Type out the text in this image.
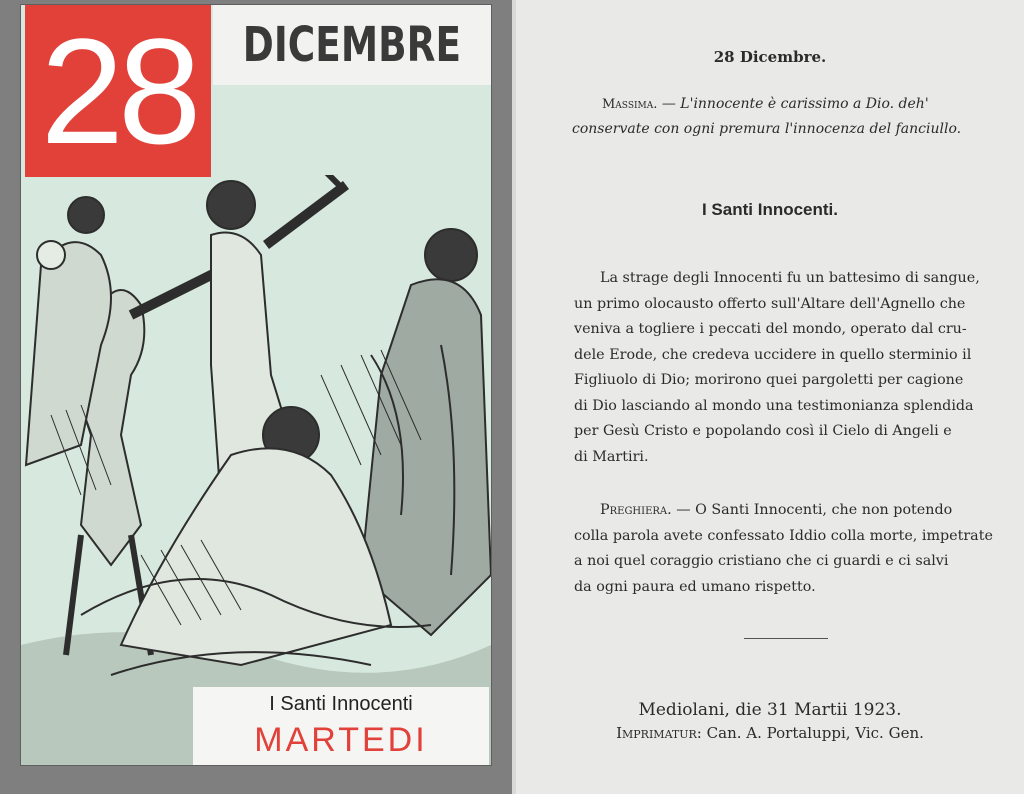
28 DICEMBRE
I Santi Innocenti
MARTEDI
28 Dicembre.
Massima. — L'innocente è carissimo a Dio. deh'
conservate con ogni premura l'innocenza del fanciullo.
I Santi Innocenti.
La strage degli Innocenti fu un battesimo di sangue,
un primo olocausto offerto sull'Altare dell'Agnello che
veniva a togliere i peccati del mondo, operato dal cru-
dele Erode, che credeva uccidere in quello sterminio il
Figliuolo di Dio; morirono quei pargoletti per cagione
di Dio lasciando al mondo una testimonianza splendida
per Gesù Cristo e popolando così il Cielo di Angeli e
di Martiri.
Preghiera. — O Santi Innocenti, che non potendo
colla parola avete confessato Iddio colla morte, impetrate
a noi quel coraggio cristiano che ci guardi e ci salvi
da ogni paura ed umano rispetto.
Mediolani, die 31 Martii 1923.
Imprimatur: Can. A. Portaluppi, Vic. Gen.
